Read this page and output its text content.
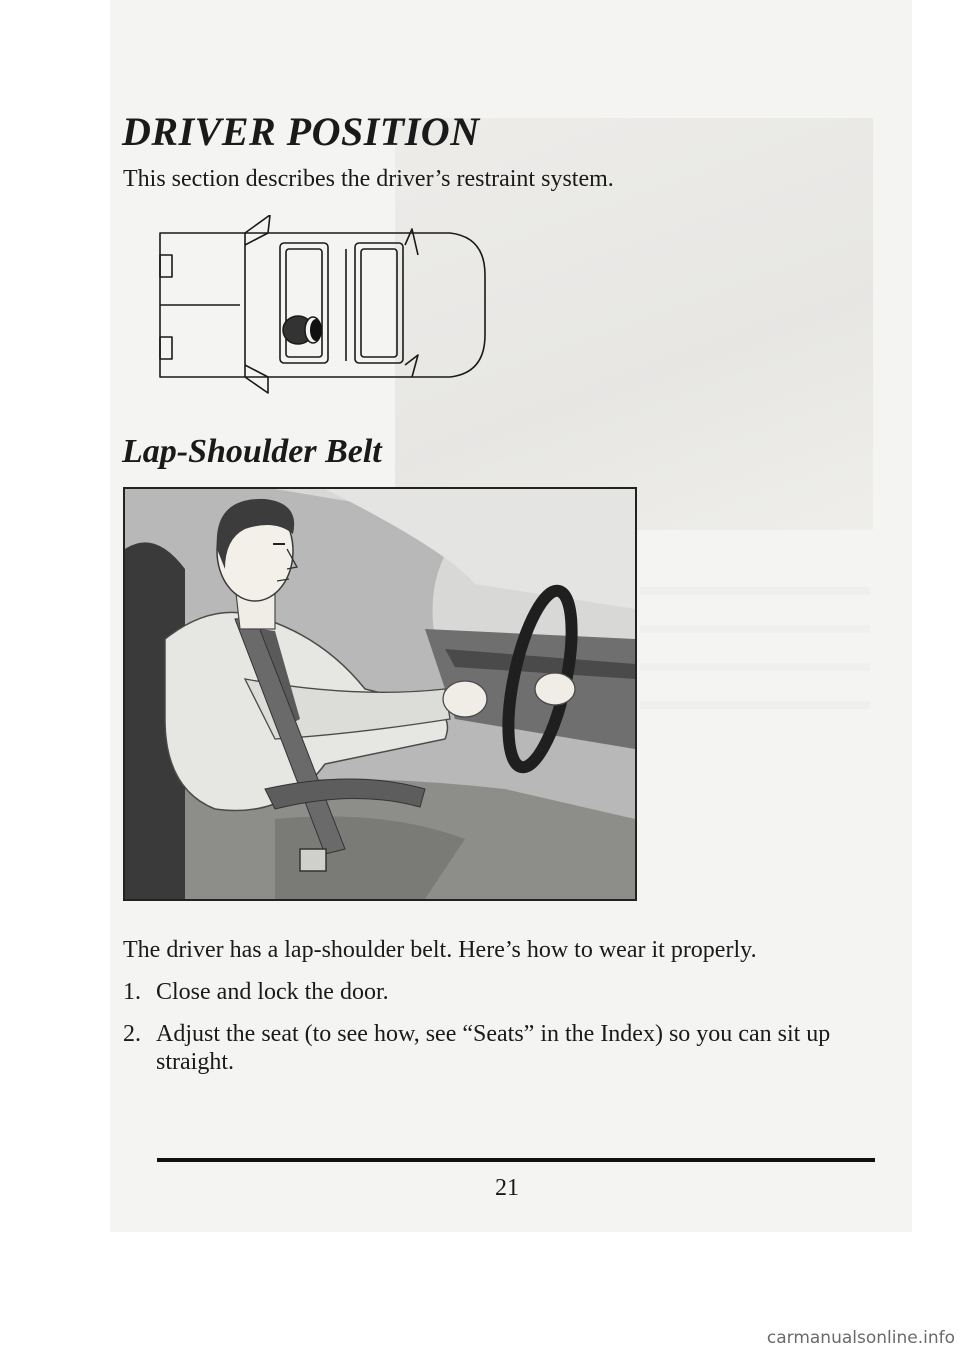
DRIVER POSITION

This section describes the driver’s restraint system.

Lap-Shoulder Belt

The driver has a lap-shoulder belt. Here’s how to wear it properly.

1. Close and lock the door.
2. Adjust the seat (to see how, see “Seats” in the Index) so you can sit up straight.

21

carmanualsonline.info
